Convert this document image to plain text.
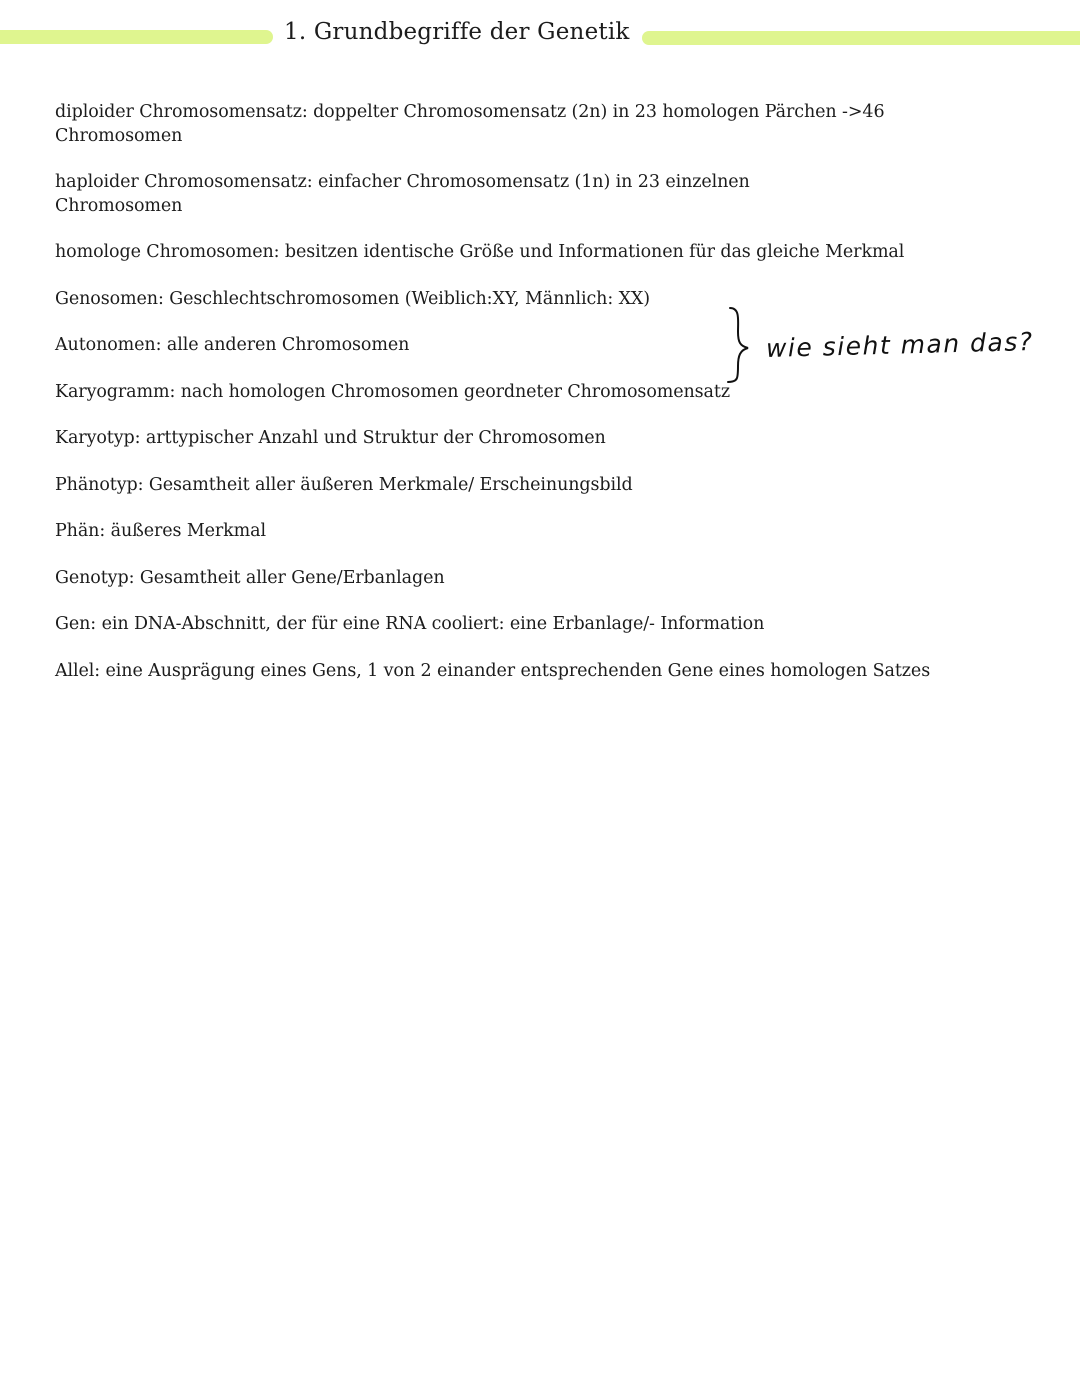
1. Grundbegriffe der Genetik

diploider Chromosomensatz: doppelter Chromosomensatz (2n) in 23 homologen Pärchen ->46 Chromosomen

haploider Chromosomensatz: einfacher Chromosomensatz (1n) in 23 einzelnen Chromosomen

homologe Chromosomen: besitzen identische Größe und Informationen für das gleiche Merkmal

Genosomen: Geschlechtschromosomen (Weiblich:XY, Männlich: XX)

Autonomen: alle anderen Chromosomen

Karyogramm: nach homologen Chromosomen geordneter Chromosomensatz

Karyotyp: arttypischer Anzahl und Struktur der Chromosomen

Phänotyp: Gesamtheit aller äußeren Merkmale/ Erscheinungsbild

Phän: äußeres Merkmal

Genotyp: Gesamtheit aller Gene/Erbanlagen

Gen: ein DNA-Abschnitt, der für eine RNA cooliert: eine Erbanlage/- Information

Allel: eine Ausprägung eines Gens, 1 von 2 einander entsprechenden Gene eines homologen Satzes

wie sieht man das?
